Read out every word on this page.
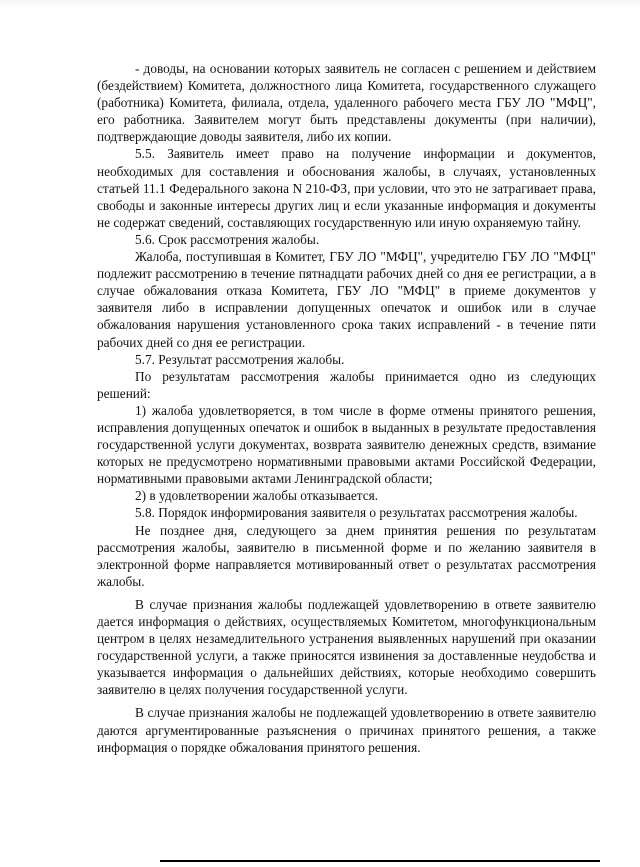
- доводы, на основании которых заявитель не согласен с решением и действием (бездействием) Комитета, должностного лица Комитета, государственного служащего (работника) Комитета, филиала, отдела, удаленного рабочего места ГБУ ЛО "МФЦ", его работника. Заявителем могут быть представлены документы (при наличии), подтверждающие доводы заявителя, либо их копии.

5.5. Заявитель имеет право на получение информации и документов, необходимых для составления и обоснования жалобы, в случаях, установленных статьей 11.1 Федерального закона N 210-ФЗ, при условии, что это не затрагивает права, свободы и законные интересы других лиц и если указанные информация и документы не содержат сведений, составляющих государственную или иную охраняемую тайну.

5.6. Срок рассмотрения жалобы.

Жалоба, поступившая в Комитет, ГБУ ЛО "МФЦ", учредителю ГБУ ЛО "МФЦ" подлежит рассмотрению в течение пятнадцати рабочих дней со дня ее регистрации, а в случае обжалования отказа Комитета, ГБУ ЛО "МФЦ" в приеме документов у заявителя либо в исправлении допущенных опечаток и ошибок или в случае обжалования нарушения установленного срока таких исправлений - в течение пяти рабочих дней со дня ее регистрации.

5.7. Результат рассмотрения жалобы.

По результатам рассмотрения жалобы принимается одно из следующих решений:

1) жалоба удовлетворяется, в том числе в форме отмены принятого решения, исправления допущенных опечаток и ошибок в выданных в результате предоставления государственной услуги документах, возврата заявителю денежных средств, взимание которых не предусмотрено нормативными правовыми актами Российской Федерации, нормативными правовыми актами Ленинградской области;

2) в удовлетворении жалобы отказывается.

5.8. Порядок информирования заявителя о результатах рассмотрения жалобы.

Не позднее дня, следующего за днем принятия решения по результатам рассмотрения жалобы, заявителю в письменной форме и по желанию заявителя в электронной форме направляется мотивированный ответ о результатах рассмотрения жалобы.

В случае признания жалобы подлежащей удовлетворению в ответе заявителю дается информация о действиях, осуществляемых Комитетом, многофункциональным центром в целях незамедлительного устранения выявленных нарушений при оказании государственной услуги, а также приносятся извинения за доставленные неудобства и указывается информация о дальнейших действиях, которые необходимо совершить заявителю в целях получения государственной услуги.

В случае признания жалобы не подлежащей удовлетворению в ответе заявителю даются аргументированные разъяснения о причинах принятого решения, а также информация о порядке обжалования принятого решения.
